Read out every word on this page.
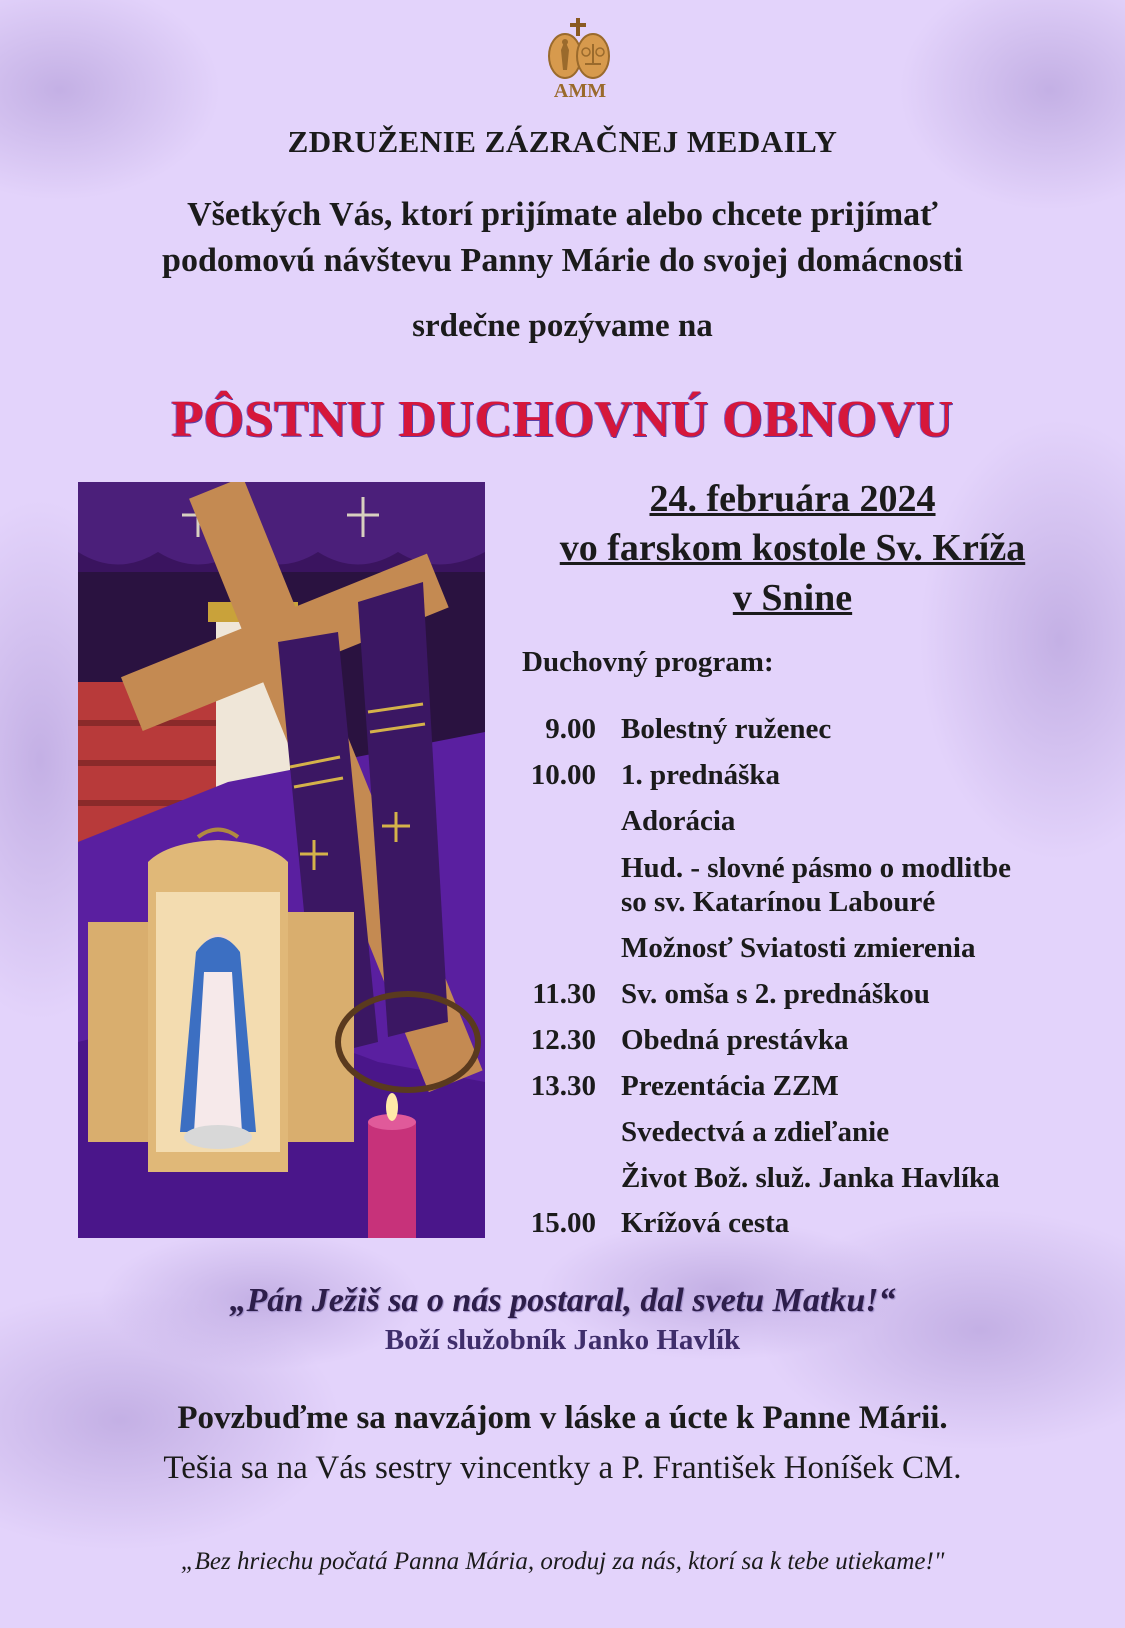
AMM
ZDRUŽENIE ZÁZRAČNEJ MEDAILY
Všetkých Vás, ktorí prijímate alebo chcete prijímať
podomovú návštevu Panny Márie do svojej domácnosti
srdečne pozývame na
PÔSTNU DUCHOVNÚ OBNOVU
24. februára 2024
vo farskom kostole Sv. Kríža
v Snine
Duchovný program:
9.00 Bolestný ruženec
10.00 1. prednáška
Adorácia
Hud. - slovné pásmo o modlitbe
so sv. Katarínou Labouré
Možnosť Sviatosti zmierenia
11.30 Sv. omša s 2. prednáškou
12.30 Obedná prestávka
13.30 Prezentácia ZZM
Svedectvá a zdieľanie
Život Bož. služ. Janka Havlíka
15.00 Krížová cesta
„Pán Ježiš sa o nás postaral, dal svetu Matku!“
Boží služobník Janko Havlík
Povzbuďme sa navzájom v láske a úcte k Panne Márii.
Tešia sa na Vás sestry vincentky a P. František Honíšek CM.
„Bez hriechu počatá Panna Mária, oroduj za nás, ktorí sa k tebe utiekame!"
